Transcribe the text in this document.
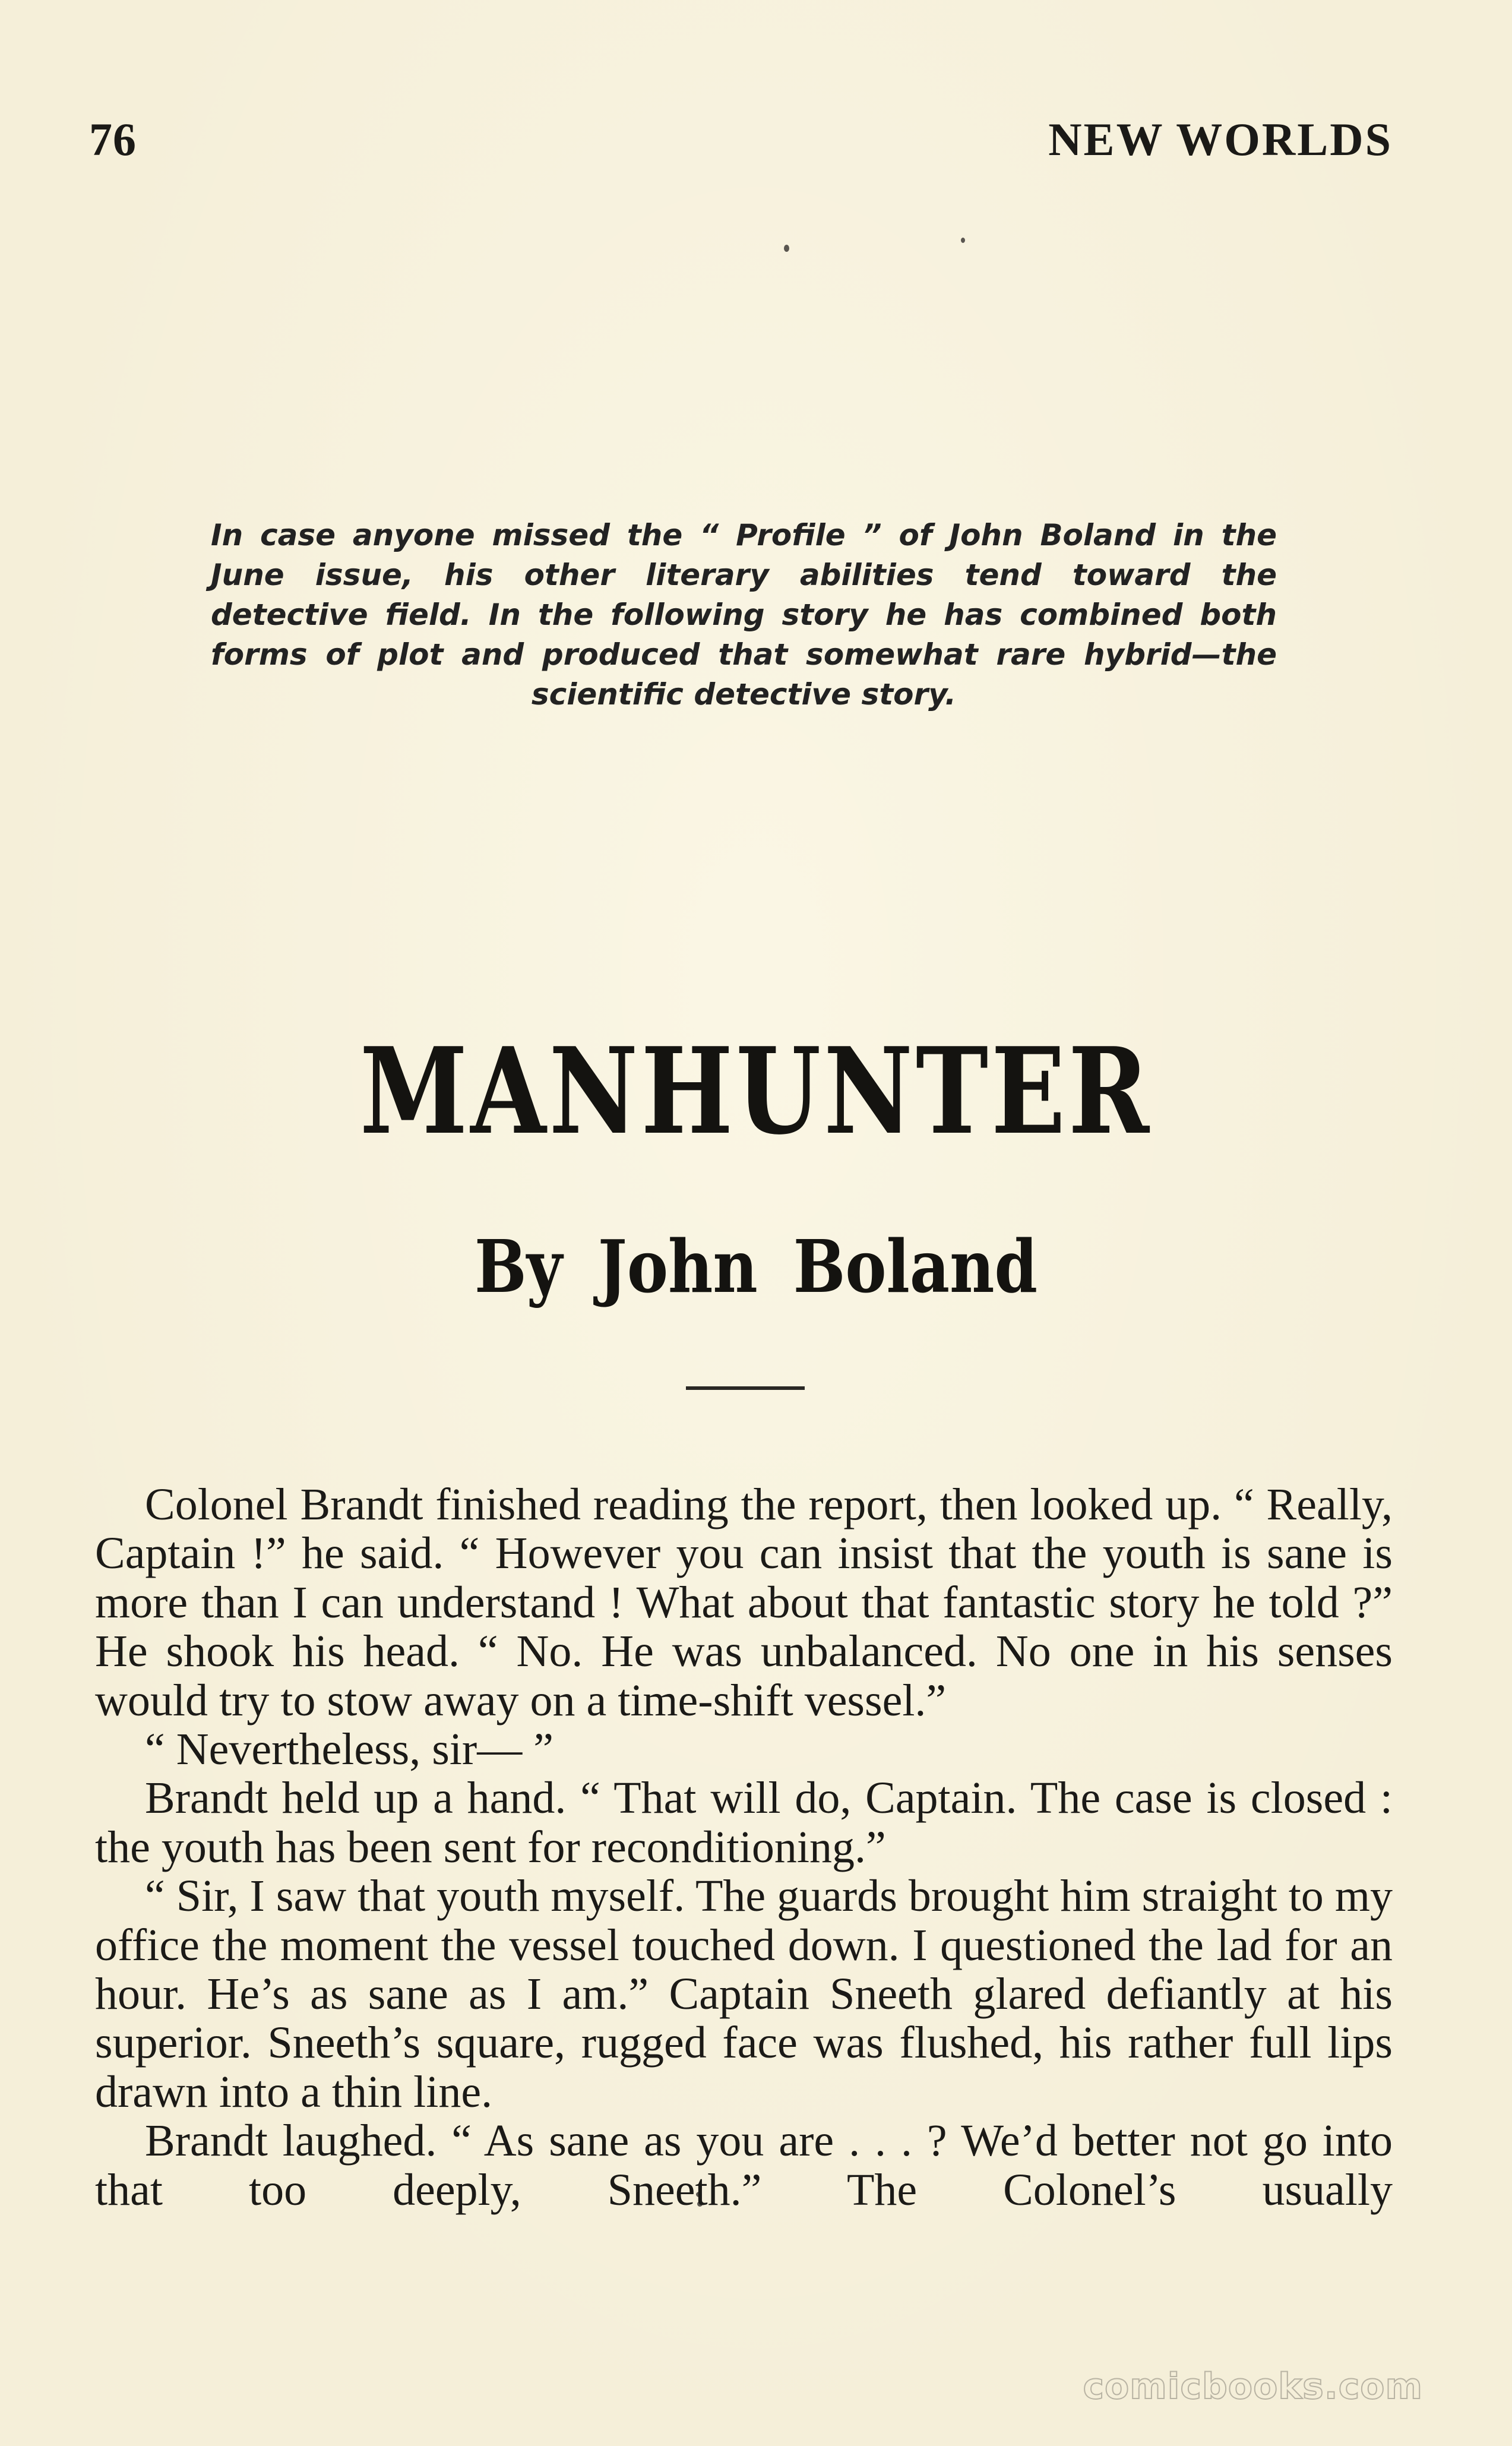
76	NEW WORLDS
In case anyone missed the “ Profile ” of John Boland in the June issue, his other literary abilities tend toward the detective field. In the following story he has combined both forms of plot and produced that somewhat rare hybrid—the scientific detective story.
MANHUNTER
By John Boland

Colonel Brandt finished reading the report, then looked up. “ Really, Captain !” he said. “ However you can insist that the youth is sane is more than I can understand ! What about that fantastic story he told ?” He shook his head. “ No. He was unbalanced. No one in his senses would try to stow away on a time-shift vessel.”

“ Nevertheless, sir— ”

Brandt held up a hand. “ That will do, Captain. The case is closed : the youth has been sent for reconditioning.”

“ Sir, I saw that youth myself. The guards brought him straight to my office the moment the vessel touched down. I questioned the lad for an hour. He’s as sane as I am.” Captain Sneeth glared defiantly at his superior. Sneeth’s square, rugged face was flushed, his rather full lips drawn into a thin line.

Brandt laughed. “ As sane as you are . . . ? We’d better not go into that too deeply, Sneeth.” The Colonel’s usually

comicbooks.com
